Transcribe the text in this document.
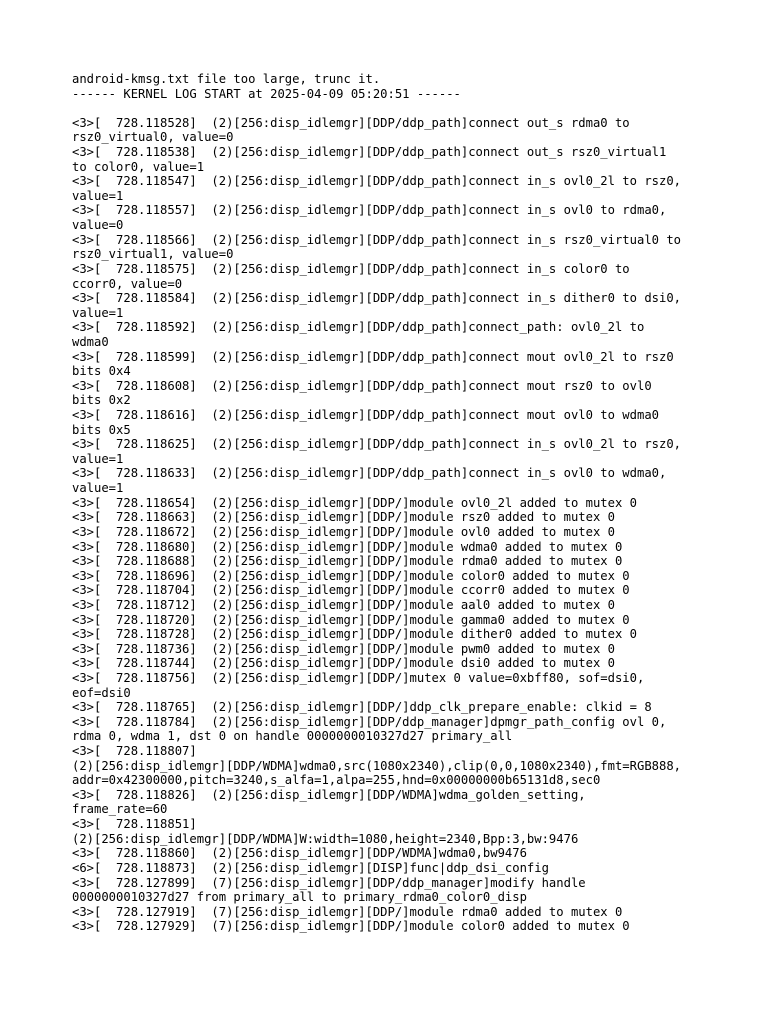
android-kmsg.txt file too large, trunc it.
------ KERNEL LOG START at 2025-04-09 05:20:51 ------
<3>[  728.118528]  (2)[256:disp_idlemgr][DDP/ddp_path]connect out_s rdma0 to
rsz0_virtual0, value=0
<3>[  728.118538]  (2)[256:disp_idlemgr][DDP/ddp_path]connect out_s rsz0_virtual1
to color0, value=1
<3>[  728.118547]  (2)[256:disp_idlemgr][DDP/ddp_path]connect in_s ovl0_2l to rsz0,
value=1
<3>[  728.118557]  (2)[256:disp_idlemgr][DDP/ddp_path]connect in_s ovl0 to rdma0,
value=0
<3>[  728.118566]  (2)[256:disp_idlemgr][DDP/ddp_path]connect in_s rsz0_virtual0 to
rsz0_virtual1, value=0
<3>[  728.118575]  (2)[256:disp_idlemgr][DDP/ddp_path]connect in_s color0 to
ccorr0, value=0
<3>[  728.118584]  (2)[256:disp_idlemgr][DDP/ddp_path]connect in_s dither0 to dsi0,
value=1
<3>[  728.118592]  (2)[256:disp_idlemgr][DDP/ddp_path]connect_path: ovl0_2l to
wdma0
<3>[  728.118599]  (2)[256:disp_idlemgr][DDP/ddp_path]connect mout ovl0_2l to rsz0
bits 0x4
<3>[  728.118608]  (2)[256:disp_idlemgr][DDP/ddp_path]connect mout rsz0 to ovl0
bits 0x2
<3>[  728.118616]  (2)[256:disp_idlemgr][DDP/ddp_path]connect mout ovl0 to wdma0
bits 0x5
<3>[  728.118625]  (2)[256:disp_idlemgr][DDP/ddp_path]connect in_s ovl0_2l to rsz0,
value=1
<3>[  728.118633]  (2)[256:disp_idlemgr][DDP/ddp_path]connect in_s ovl0 to wdma0,
value=1
<3>[  728.118654]  (2)[256:disp_idlemgr][DDP/]module ovl0_2l added to mutex 0
<3>[  728.118663]  (2)[256:disp_idlemgr][DDP/]module rsz0 added to mutex 0
<3>[  728.118672]  (2)[256:disp_idlemgr][DDP/]module ovl0 added to mutex 0
<3>[  728.118680]  (2)[256:disp_idlemgr][DDP/]module wdma0 added to mutex 0
<3>[  728.118688]  (2)[256:disp_idlemgr][DDP/]module rdma0 added to mutex 0
<3>[  728.118696]  (2)[256:disp_idlemgr][DDP/]module color0 added to mutex 0
<3>[  728.118704]  (2)[256:disp_idlemgr][DDP/]module ccorr0 added to mutex 0
<3>[  728.118712]  (2)[256:disp_idlemgr][DDP/]module aal0 added to mutex 0
<3>[  728.118720]  (2)[256:disp_idlemgr][DDP/]module gamma0 added to mutex 0
<3>[  728.118728]  (2)[256:disp_idlemgr][DDP/]module dither0 added to mutex 0
<3>[  728.118736]  (2)[256:disp_idlemgr][DDP/]module pwm0 added to mutex 0
<3>[  728.118744]  (2)[256:disp_idlemgr][DDP/]module dsi0 added to mutex 0
<3>[  728.118756]  (2)[256:disp_idlemgr][DDP/]mutex 0 value=0xbff80, sof=dsi0,
eof=dsi0
<3>[  728.118765]  (2)[256:disp_idlemgr][DDP/]ddp_clk_prepare_enable: clkid = 8
<3>[  728.118784]  (2)[256:disp_idlemgr][DDP/ddp_manager]dpmgr_path_config ovl 0,
rdma 0, wdma 1, dst 0 on handle 0000000010327d27 primary_all
<3>[  728.118807]
(2)[256:disp_idlemgr][DDP/WDMA]wdma0,src(1080x2340),clip(0,0,1080x2340),fmt=RGB888,
addr=0x42300000,pitch=3240,s_alfa=1,alpa=255,hnd=0x00000000b65131d8,sec0
<3>[  728.118826]  (2)[256:disp_idlemgr][DDP/WDMA]wdma_golden_setting,
frame_rate=60
<3>[  728.118851]
(2)[256:disp_idlemgr][DDP/WDMA]W:width=1080,height=2340,Bpp:3,bw:9476
<3>[  728.118860]  (2)[256:disp_idlemgr][DDP/WDMA]wdma0,bw9476
<6>[  728.118873]  (2)[256:disp_idlemgr][DISP]func|ddp_dsi_config
<3>[  728.127899]  (7)[256:disp_idlemgr][DDP/ddp_manager]modify handle
0000000010327d27 from primary_all to primary_rdma0_color0_disp
<3>[  728.127919]  (7)[256:disp_idlemgr][DDP/]module rdma0 added to mutex 0
<3>[  728.127929]  (7)[256:disp_idlemgr][DDP/]module color0 added to mutex 0
